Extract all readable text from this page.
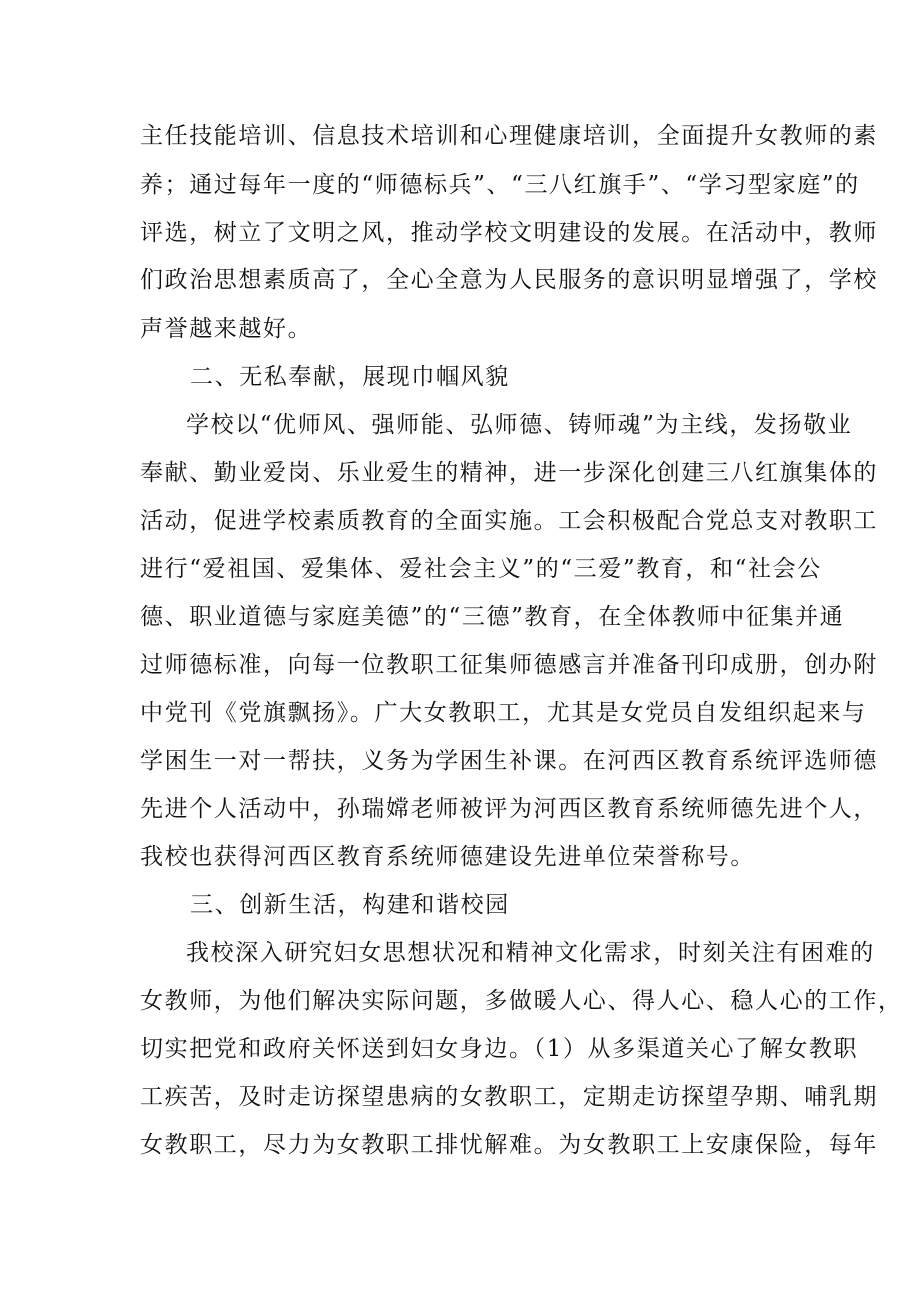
主任技能培训、信息技术培训和心理健康培训，全面提升女教师的素
养；通过每年一度的“师德标兵”、“三八红旗手”、“学习型家庭”的
评选，树立了文明之风，推动学校文明建设的发展。在活动中，教师
们政治思想素质高了，全心全意为人民服务的意识明显增强了，学校
声誉越来越好。
二、无私奉献，展现巾帼风貌
学校以“优师风、强师能、弘师德、铸师魂”为主线，发扬敬业
奉献、勤业爱岗、乐业爱生的精神，进一步深化创建三八红旗集体的
活动，促进学校素质教育的全面实施。工会积极配合党总支对教职工
进行“爱祖国、爱集体、爱社会主义”的“三爱”教育，和“社会公
德、职业道德与家庭美德”的“三德”教育，在全体教师中征集并通
过师德标准，向每一位教职工征集师德感言并准备刊印成册，创办附
中党刊《党旗飘扬》。广大女教职工，尤其是女党员自发组织起来与
学困生一对一帮扶，义务为学困生补课。在河西区教育系统评选师德
先进个人活动中，孙瑞嫦老师被评为河西区教育系统师德先进个人，
我校也获得河西区教育系统师德建设先进单位荣誉称号。
三、创新生活，构建和谐校园
我校深入研究妇女思想状况和精神文化需求，时刻关注有困难的
女教师，为他们解决实际问题，多做暖人心、得人心、稳人心的工作，
切实把党和政府关怀送到妇女身边。（1）从多渠道关心了解女教职
工疾苦，及时走访探望患病的女教职工，定期走访探望孕期、哺乳期
女教职工，尽力为女教职工排忧解难。为女教职工上安康保险，每年
